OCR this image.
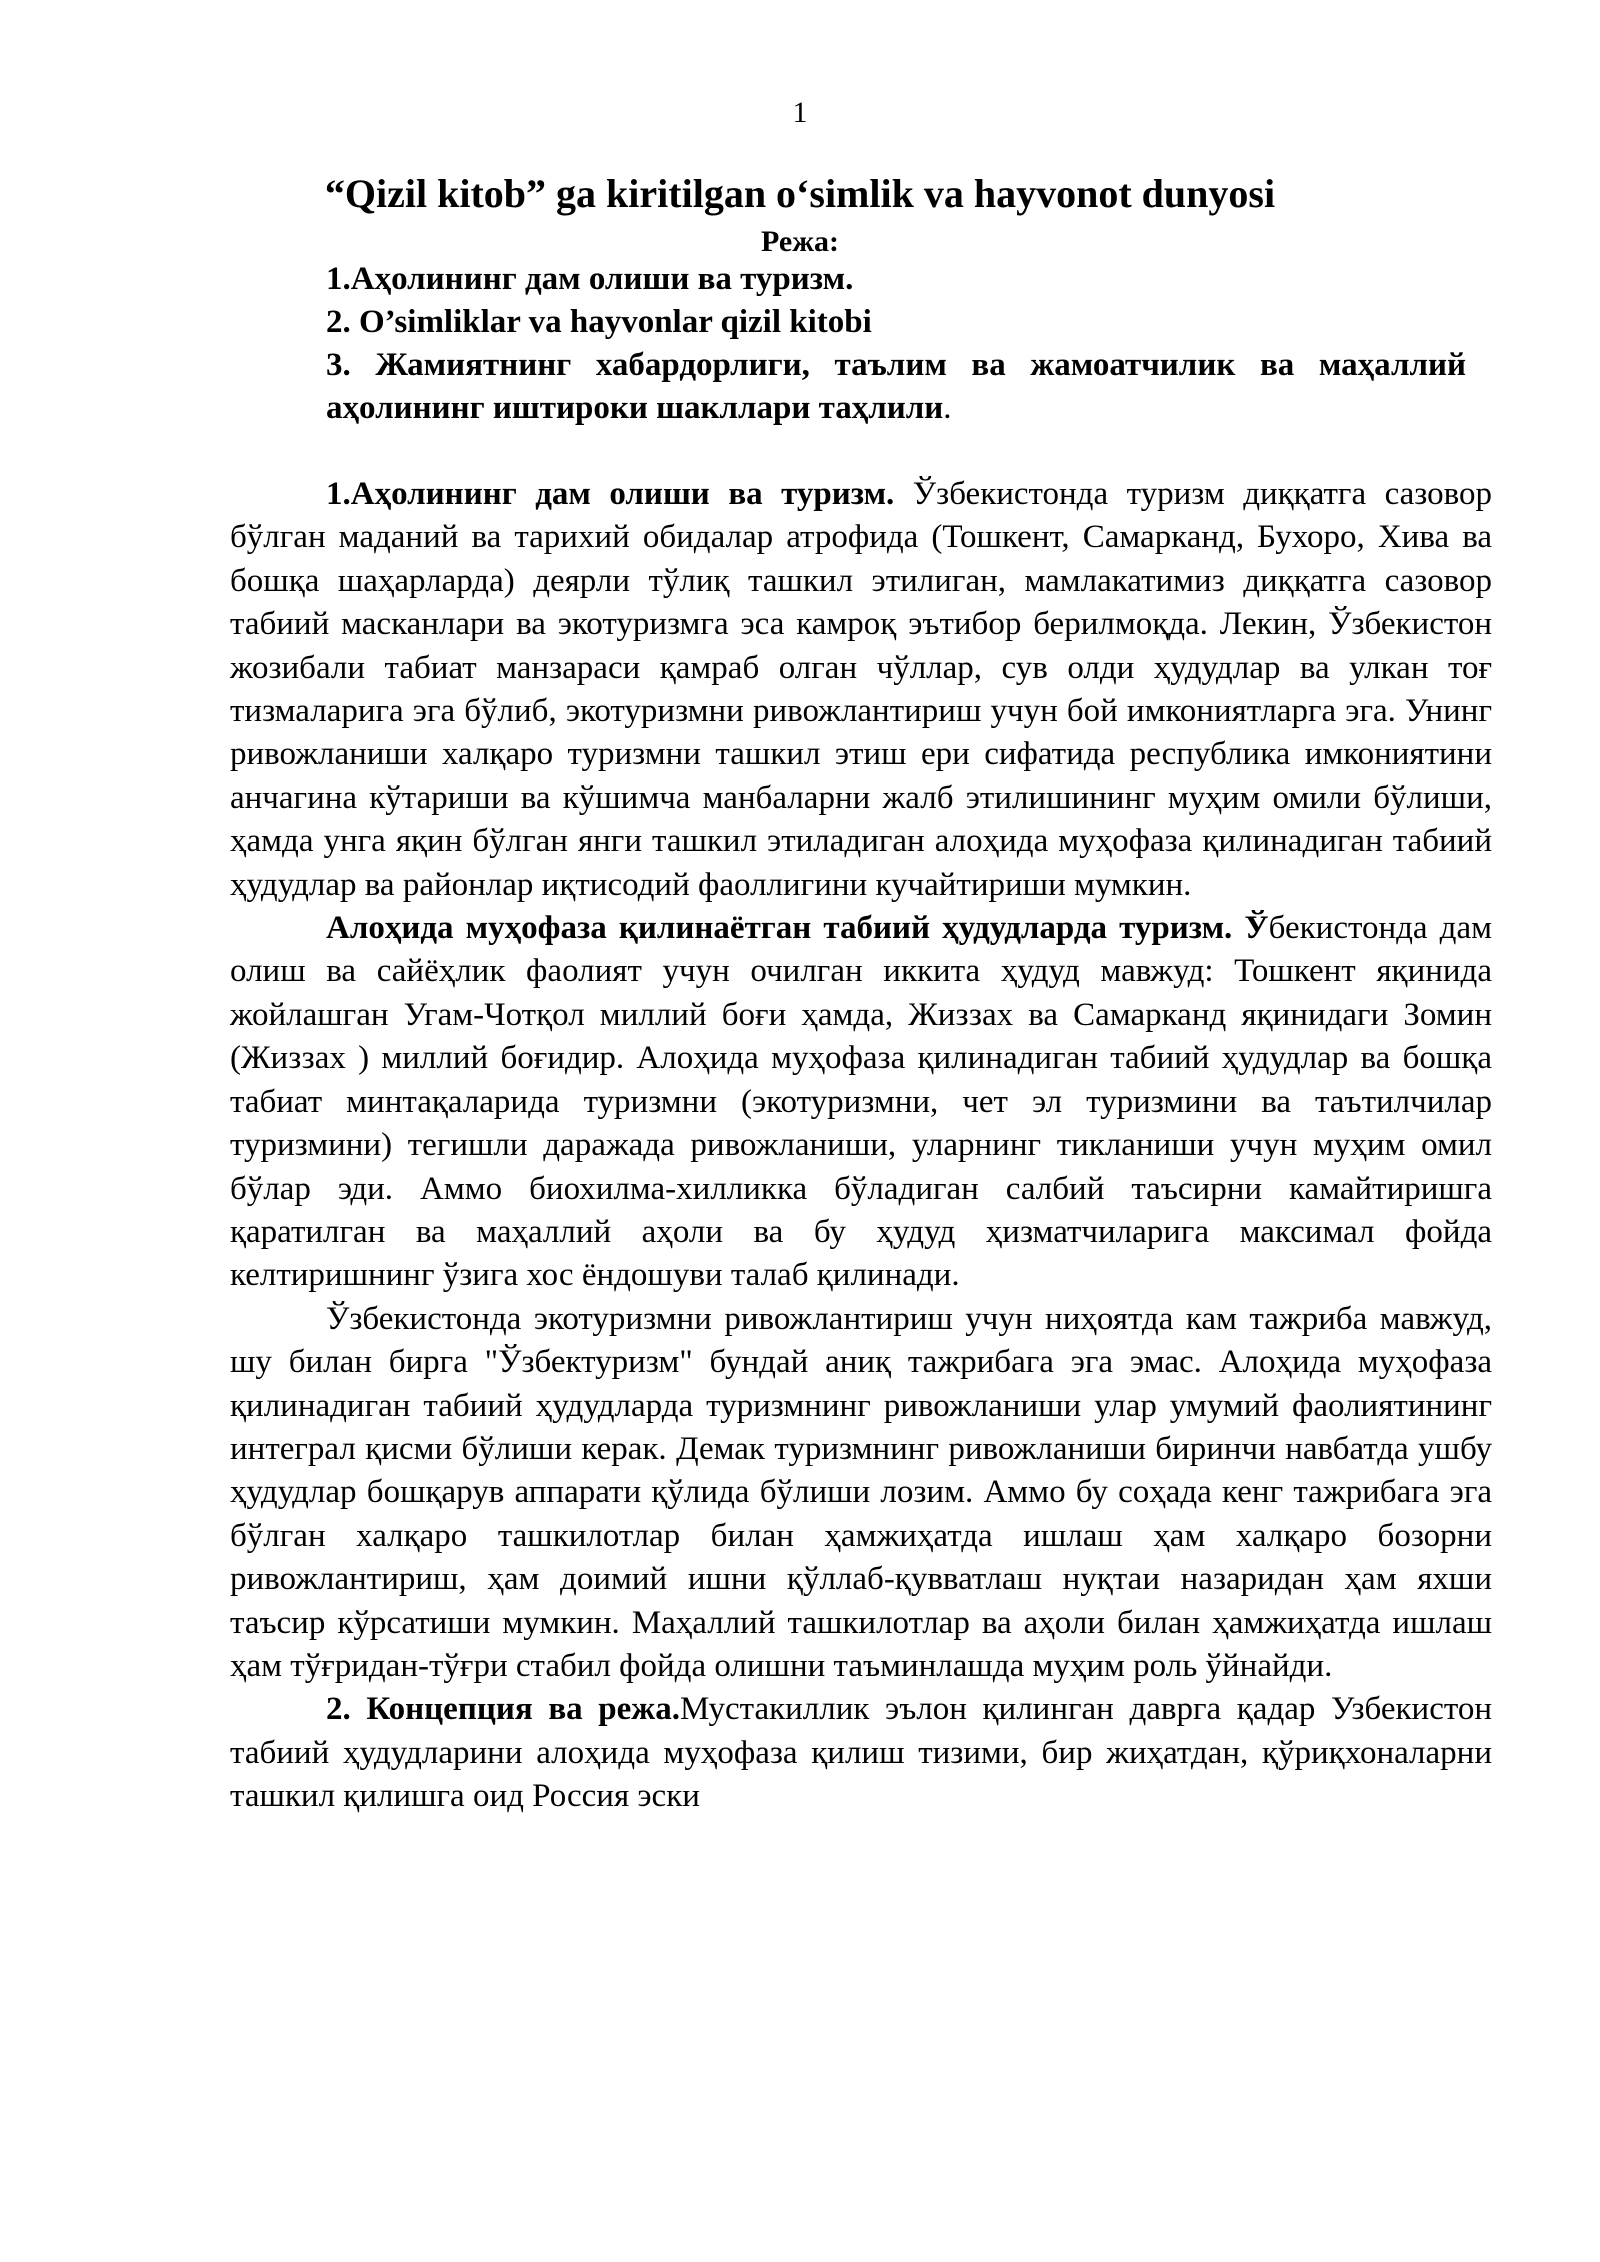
1
“Qizil kitob” ga kiritilgan o‘simlik va hayvonot dunyosi
Режа:
1.Аҳолининг дам олиши ва туризм.
2. O’simliklar va hayvonlar qizil kitobi
3. Жамиятнинг хабардорлиги, таълим ва жамоатчилик ва маҳаллий аҳолининг иштироки шакллари таҳлили.

1.Аҳолининг дам олиши ва туризм. Ўзбекистонда туризм диққатга сазовор бўлган маданий ва тарихий обидалар атрофида (Тошкент, Самарканд, Бухоро, Хива ва бошқа шаҳарларда) деярли тўлиқ ташкил этилиган, мамлакатимиз диққатга сазовор табиий масканлари ва экотуризмга эса камроқ эътибор берилмоқда. Лекин, Ўзбекистон жозибали табиат манзараси қамраб олган чўллар, сув олди ҳудудлар ва улкан тоғ тизмаларига эга бўлиб, экотуризмни ривожлантириш учун бой имкониятларга эга. Унинг ривожланиши халқаро туризмни ташкил этиш ери сифатида республика имкониятини анчагина кўтариши ва кўшимча манбаларни жалб этилишининг муҳим омили бўлиши, ҳамда унга яқин бўлган янги ташкил этиладиган алоҳида муҳофаза қилинадиган табиий ҳудудлар ва районлар иқтисодий фаоллигини кучайтириши мумкин.

Алоҳида муҳофаза қилинаётган табиий ҳудудларда туризм. Ўбекистонда дам олиш ва сайёҳлик фаолият учун очилган иккита ҳудуд мавжуд: Тошкент яқинида жойлашган Угам-Чотқол миллий боғи ҳамда, Жиззах ва Самарканд яқинидаги Зомин (Жиззах ) миллий боғидир. Алоҳида муҳофаза қилинадиган табиий ҳудудлар ва бошқа табиат минтақаларида туризмни (экотуризмни, чет эл туризмини ва таътилчилар туризмини) тегишли даражада ривожланиши, уларнинг тикланиши учун муҳим омил бўлар эди. Аммо биохилма-хилликка бўладиган салбий таъсирни камайтиришга қаратилган ва маҳаллий аҳоли ва бу ҳудуд ҳизматчиларига максимал фойда келтиришнинг ўзига хос ёндошуви талаб қилинади.

Ўзбекистонда экотуризмни ривожлантириш учун ниҳоятда кам тажриба мавжуд, шу билан бирга "Ўзбектуризм" бундай аниқ тажрибага эга эмас. Алоҳида муҳофаза қилинадиган табиий ҳудудларда туризмнинг ривожланиши улар умумий фаолиятининг интеграл қисми бўлиши керак. Демак туризмнинг ривожланиши биринчи навбатда ушбу ҳудудлар бошқарув аппарати қўлида бўлиши лозим. Аммо бу соҳада кенг тажрибага эга бўлган халқаро ташкилотлар билан ҳамжиҳатда ишлаш ҳам халқаро бозорни ривожлантириш, ҳам доимий ишни қўллаб-қувватлаш нуқтаи назаридан ҳам яхши таъсир кўрсатиши мумкин. Маҳаллий ташкилотлар ва аҳоли билан ҳамжиҳатда ишлаш ҳам тўғридан-тўғри стабил фойда олишни таъминлашда муҳим роль ўйнайди.

2. Концепция ва режа.Мустакиллик эълон қилинган даврга қадар Узбекистон табиий ҳудудларини алоҳида муҳофаза қилиш тизими, бир жиҳатдан, қўриқхоналарни ташкил қилишга оид Россия эски
